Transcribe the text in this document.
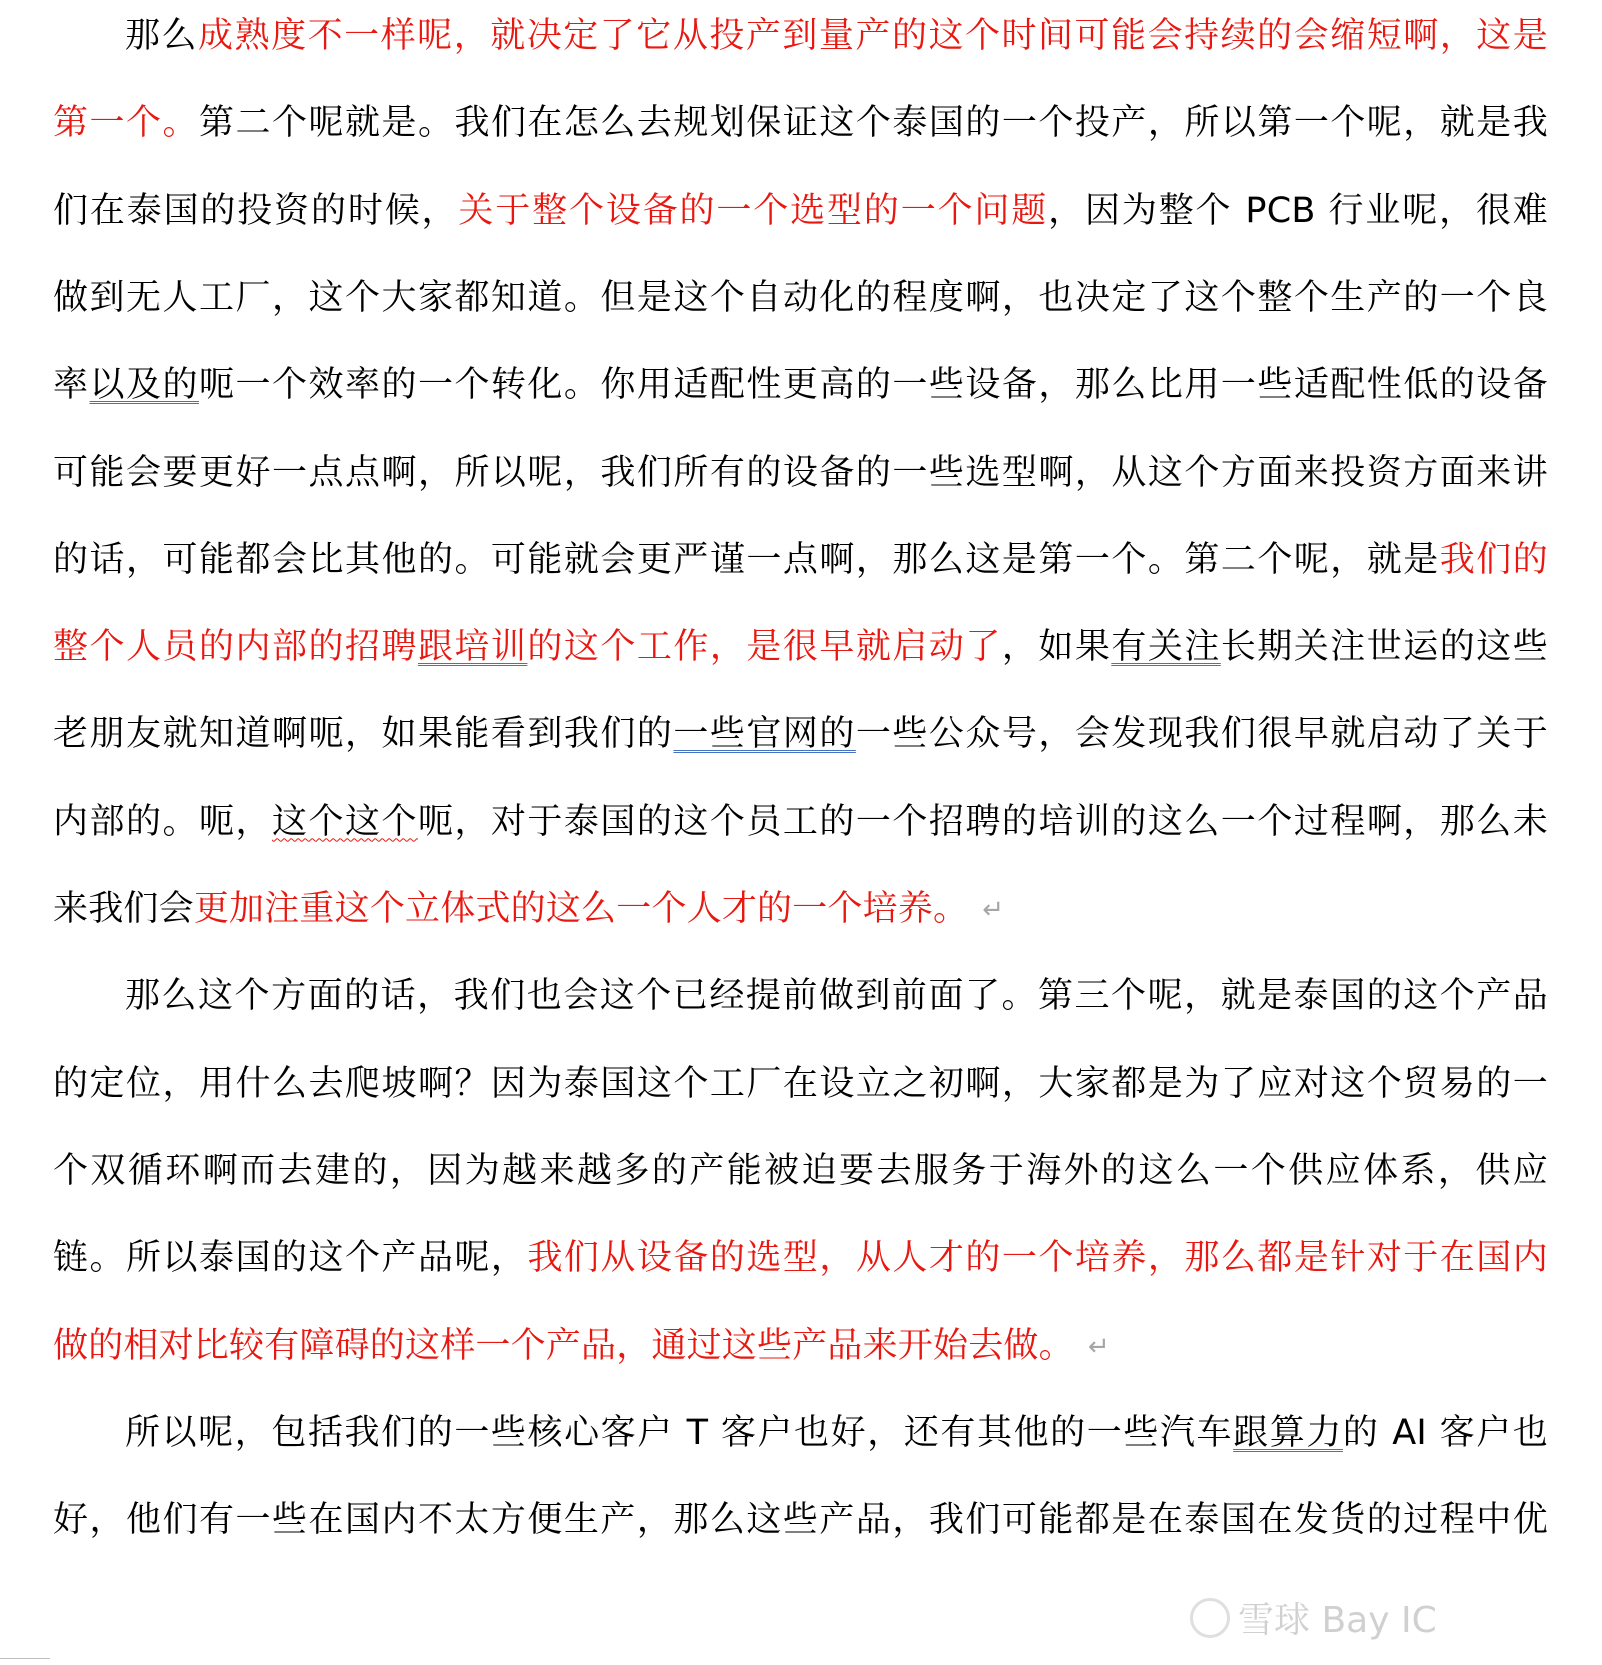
那么成熟度不一样呢，就决定了它从投产到量产的这个时间可能会持续的会缩短啊，这是
第一个。第二个呢就是。我们在怎么去规划保证这个泰国的一个投产，所以第一个呢，就是我
们在泰国的投资的时候，关于整个设备的一个选型的一个问题，因为整个 PCB 行业呢，很难
做到无人工厂，这个大家都知道。但是这个自动化的程度啊，也决定了这个整个生产的一个良
率以及的呃一个效率的一个转化。你用适配性更高的一些设备，那么比用一些适配性低的设备
可能会要更好一点点啊，所以呢，我们所有的设备的一些选型啊，从这个方面来投资方面来讲
的话，可能都会比其他的。可能就会更严谨一点啊，那么这是第一个。第二个呢，就是我们的
整个人员的内部的招聘跟培训的这个工作，是很早就启动了，如果有关注长期关注世运的这些
老朋友就知道啊呃，如果能看到我们的一些官网的一些公众号，会发现我们很早就启动了关于
内部的。呃，这个这个呃，对于泰国的这个员工的一个招聘的培训的这么一个过程啊，那么未
来我们会更加注重这个立体式的这么一个人才的一个培养。 ↵
那么这个方面的话，我们也会这个已经提前做到前面了。第三个呢，就是泰国的这个产品
的定位，用什么去爬坡啊？因为泰国这个工厂在设立之初啊，大家都是为了应对这个贸易的一
个双循环啊而去建的，因为越来越多的产能被迫要去服务于海外的这么一个供应体系，供应
链。所以泰国的这个产品呢，我们从设备的选型，从人才的一个培养，那么都是针对于在国内
做的相对比较有障碍的这样一个产品，通过这些产品来开始去做。 ↵
所以呢，包括我们的一些核心客户 T 客户也好，还有其他的一些汽车跟算力的 AI 客户也
好，他们有一些在国内不太方便生产，那么这些产品，我们可能都是在泰国在发货的过程中优
雪球 Bay IC
